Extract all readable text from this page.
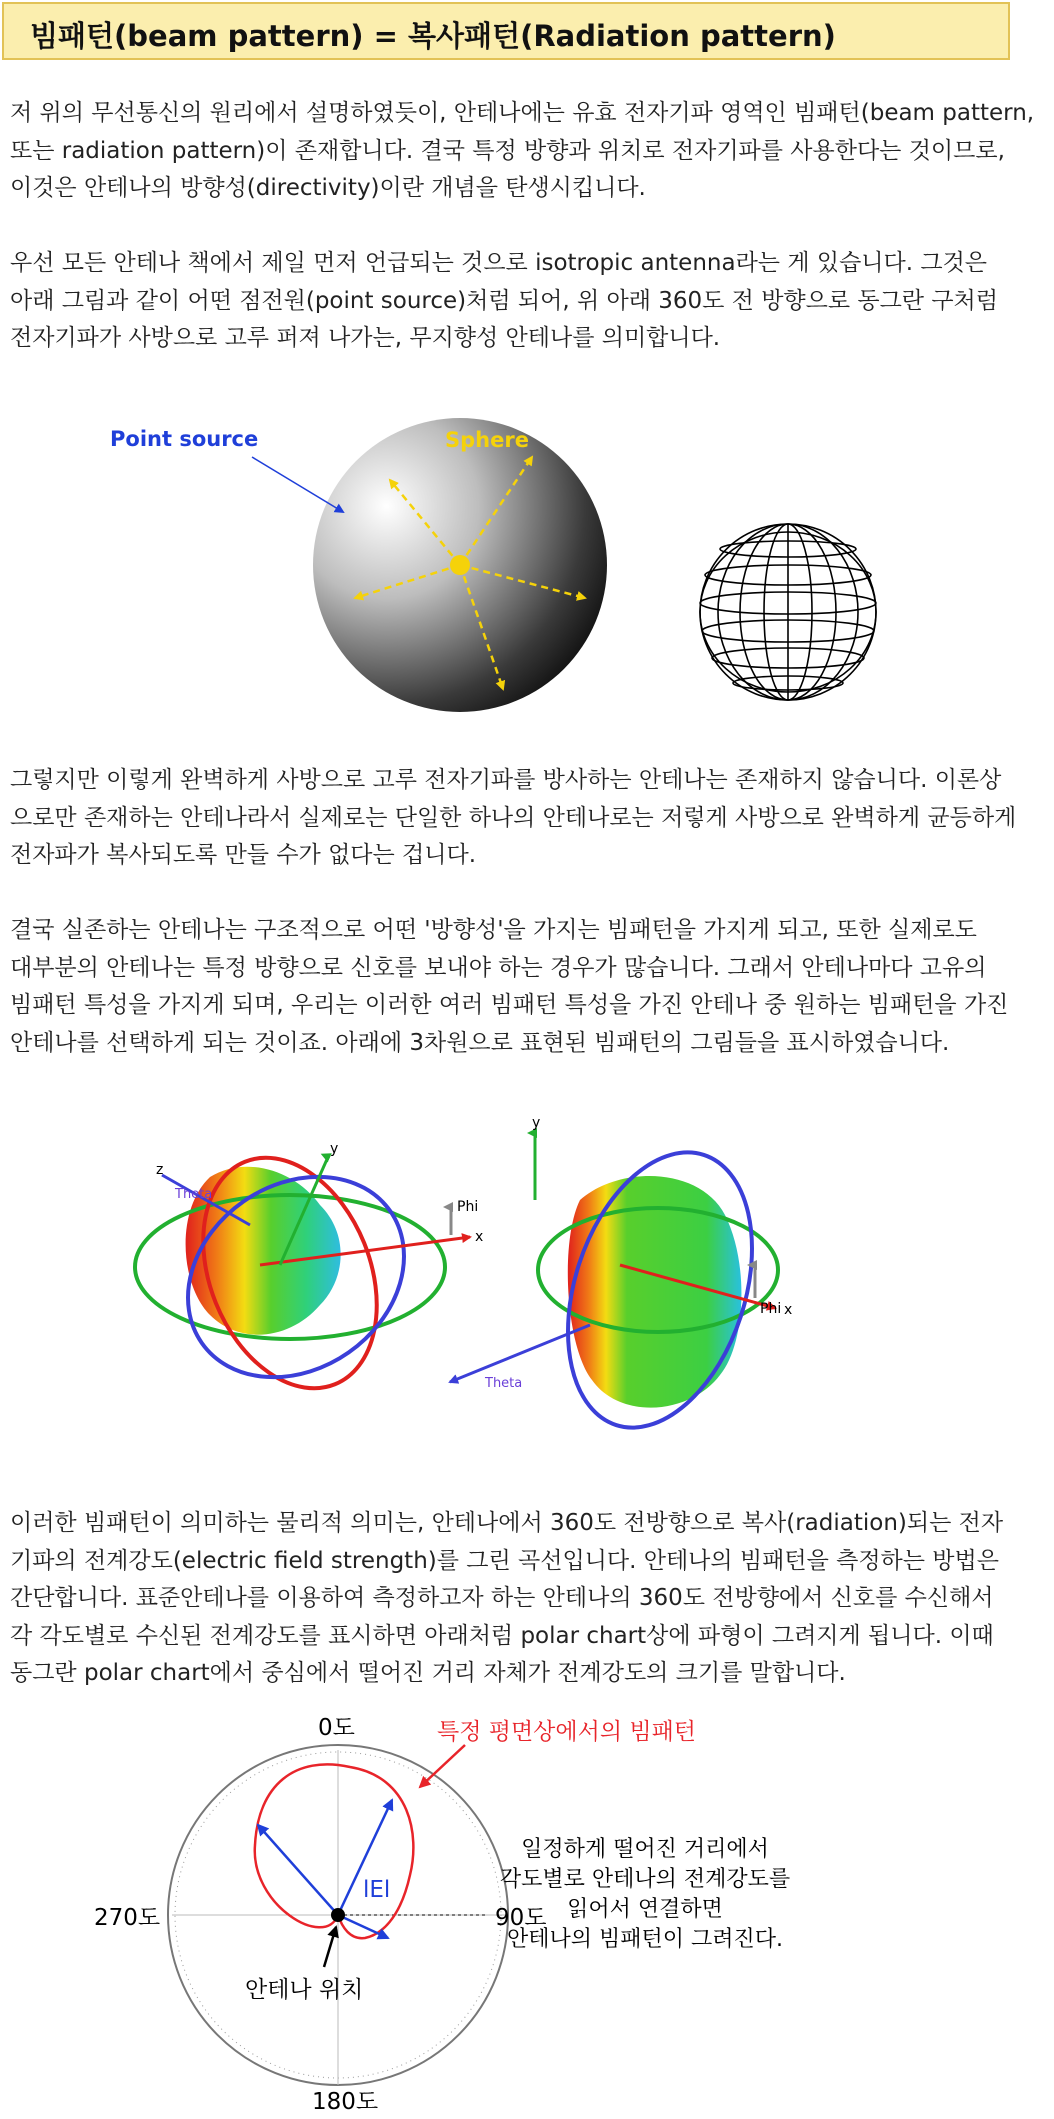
빔패턴(beam pattern) = 복사패턴(Radiation pattern)
저 위의 무선통신의 원리에서 설명하였듯이, 안테나에는 유효 전자기파 영역인 빔패턴(beam pattern,
또는 radiation pattern)이 존재합니다. 결국 특정 방향과 위치로 전자기파를 사용한다는 것이므로,
이것은 안테나의 방향성(directivity)이란 개념을 탄생시킵니다.
우선 모든 안테나 책에서 제일 먼저 언급되는 것으로 isotropic antenna라는 게 있습니다. 그것은
아래 그림과 같이 어떤 점전원(point source)처럼 되어, 위 아래 360도 전 방향으로 동그란 구처럼
전자기파가 사방으로 고루 퍼져 나가는, 무지향성 안테나를 의미합니다.
Point source	Sphere
그렇지만 이렇게 완벽하게 사방으로 고루 전자기파를 방사하는 안테나는 존재하지 않습니다. 이론상
으로만 존재하는 안테나라서 실제로는 단일한 하나의 안테나로는 저렇게 사방으로 완벽하게 균등하게
전자파가 복사되도록 만들 수가 없다는 겁니다.
결국 실존하는 안테나는 구조적으로 어떤 '방향성'을 가지는 빔패턴을 가지게 되고, 또한 실제로도
대부분의 안테나는 특정 방향으로 신호를 보내야 하는 경우가 많습니다. 그래서 안테나마다 고유의
빔패턴 특성을 가지게 되며, 우리는 이러한 여러 빔패턴 특성을 가진 안테나 중 원하는 빔패턴을 가진
안테나를 선택하게 되는 것이죠. 아래에 3차원으로 표현된 빔패턴의 그림들을 표시하였습니다.
y
z
x
Theta
Phi
y
x
Theta
Phi
이러한 빔패턴이 의미하는 물리적 의미는, 안테나에서 360도 전방향으로 복사(radiation)되는 전자
기파의 전계강도(electric field strength)를 그린 곡선입니다. 안테나의 빔패턴을 측정하는 방법은
간단합니다. 표준안테나를 이용하여 측정하고자 하는 안테나의 360도 전방향에서 신호를 수신해서
각 각도별로 수신된 전계강도를 표시하면 아래처럼 polar chart상에 파형이 그려지게 됩니다. 이때
동그란 polar chart에서 중심에서 떨어진 거리 자체가 전계강도의 크기를 말합니다.
0도
90도
180도
270도
특정 평면상에서의 빔패턴
lEl
안테나 위치
일정하게 떨어진 거리에서
각도별로 안테나의 전계강도를
읽어서 연결하면
안테나의 빔패턴이 그려진다.
